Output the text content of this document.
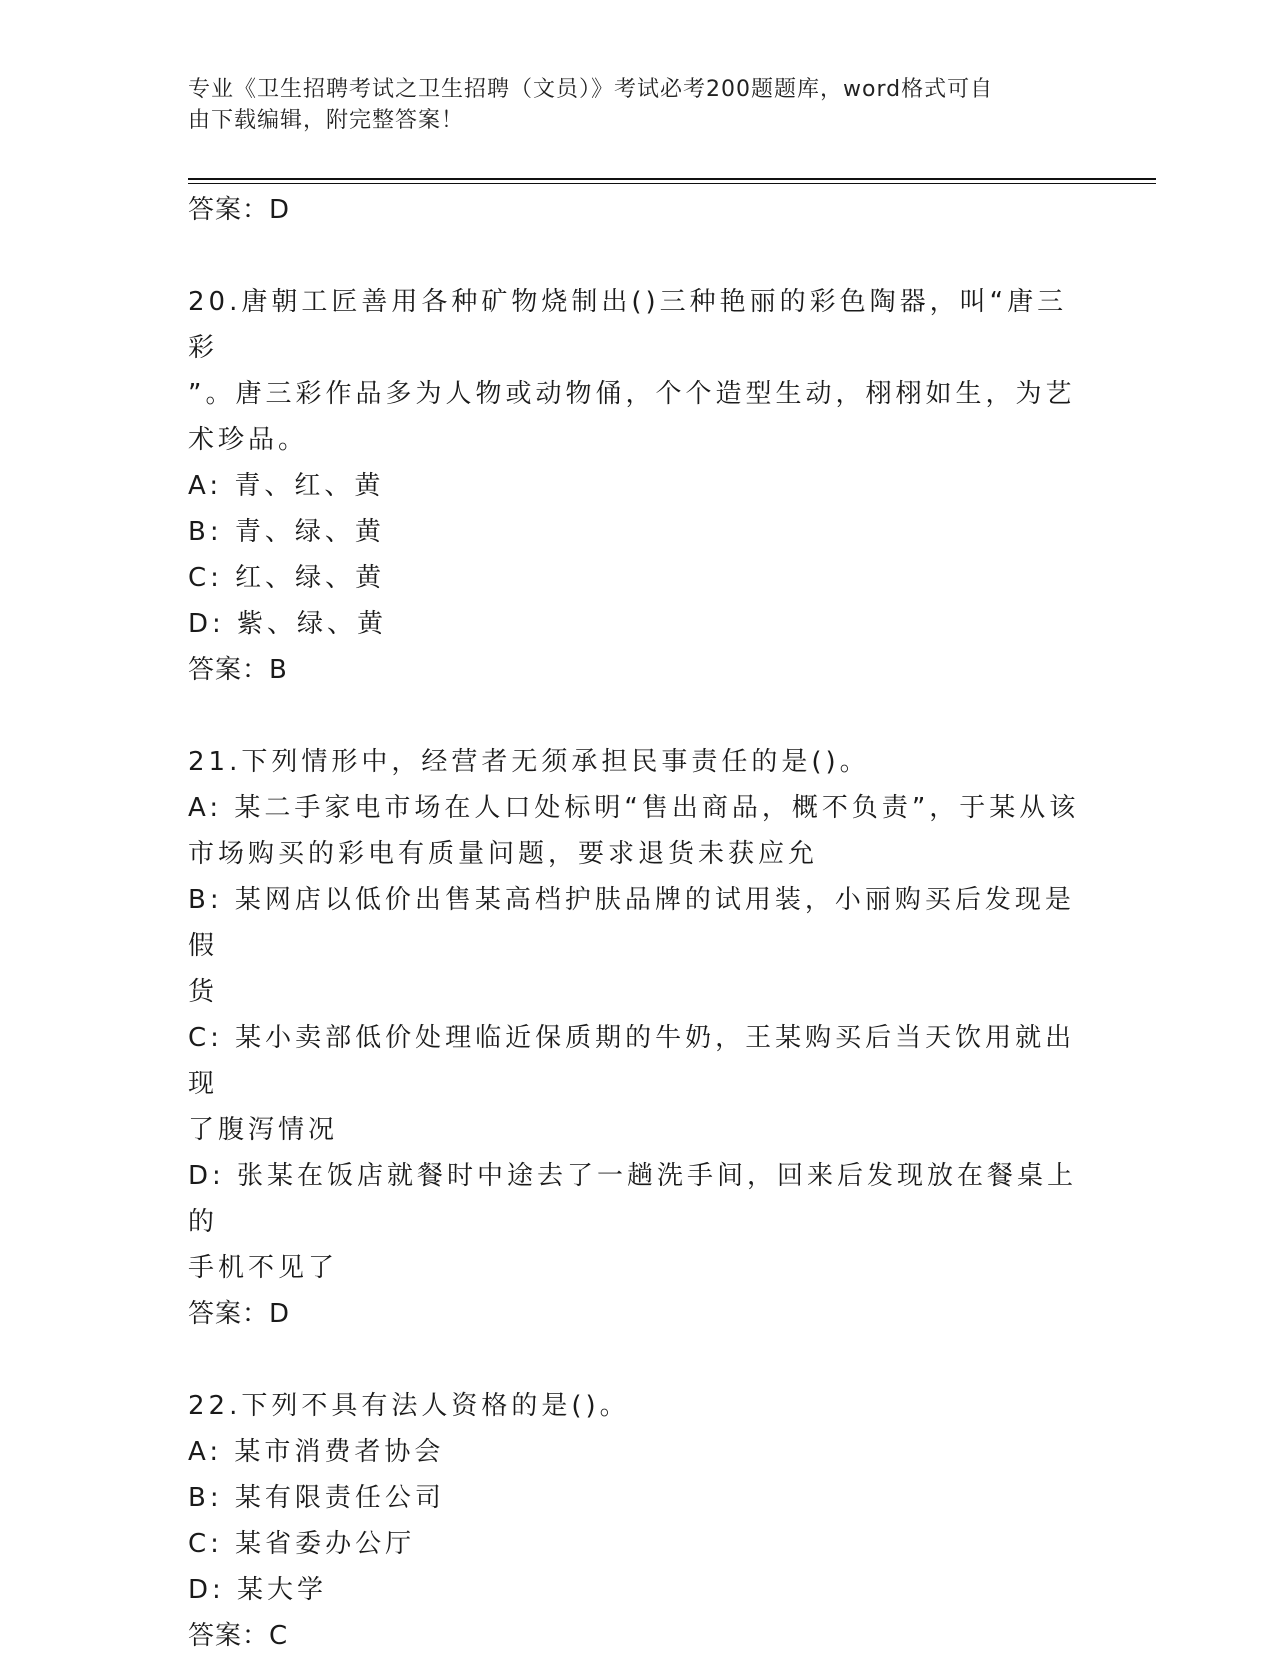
专业《卫生招聘考试之卫生招聘（文员）》考试必考200题题库，word格式可自
由下载编辑，附完整答案！
答案：D
20.唐朝工匠善用各种矿物烧制出()三种艳丽的彩色陶器，叫“唐三彩
”。唐三彩作品多为人物或动物俑，个个造型生动，栩栩如生，为艺
术珍品。
A: 青、红、黄
B: 青、绿、黄
C: 红、绿、黄
D: 紫、绿、黄
答案：B
21.下列情形中，经营者无须承担民事责任的是()。
A: 某二手家电市场在人口处标明“售出商品，概不负责”，于某从该
市场购买的彩电有质量问题，要求退货未获应允
B: 某网店以低价出售某高档护肤品牌的试用装，小丽购买后发现是假
货
C: 某小卖部低价处理临近保质期的牛奶，王某购买后当天饮用就出现
了腹泻情况
D: 张某在饭店就餐时中途去了一趟洗手间，回来后发现放在餐桌上的
手机不见了
答案：D
22.下列不具有法人资格的是()。
A: 某市消费者协会
B: 某有限责任公司
C: 某省委办公厅
D: 某大学
答案：C
